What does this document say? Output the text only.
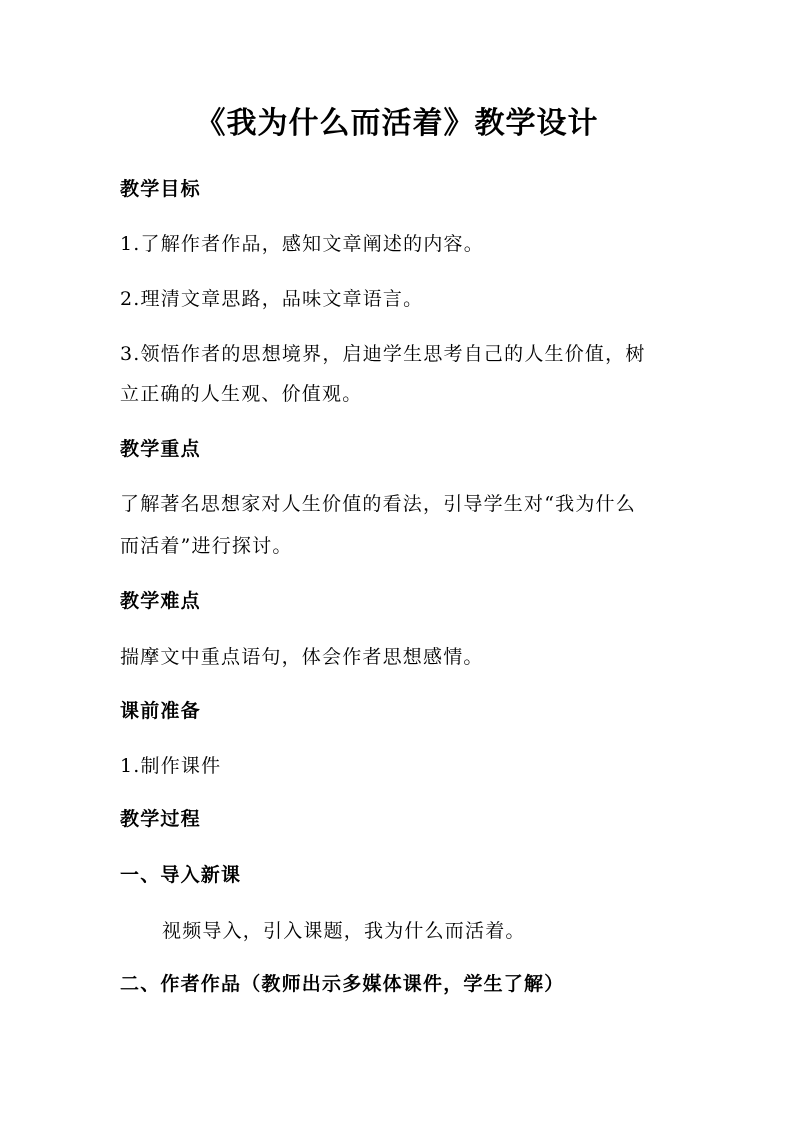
《我为什么而活着》教学设计
教学目标
1.了解作者作品，感知文章阐述的内容。
2.理清文章思路，品味文章语言。
3.领悟作者的思想境界，启迪学生思考自己的人生价值，树
立正确的人生观、价值观。
教学重点
了解著名思想家对人生价值的看法，引导学生对“我为什么
而活着”进行探讨。
教学难点
揣摩文中重点语句，体会作者思想感情。
课前准备
1.制作课件
教学过程
一、导入新课
视频导入，引入课题，我为什么而活着。
二、作者作品（教师出示多媒体课件，学生了解）
